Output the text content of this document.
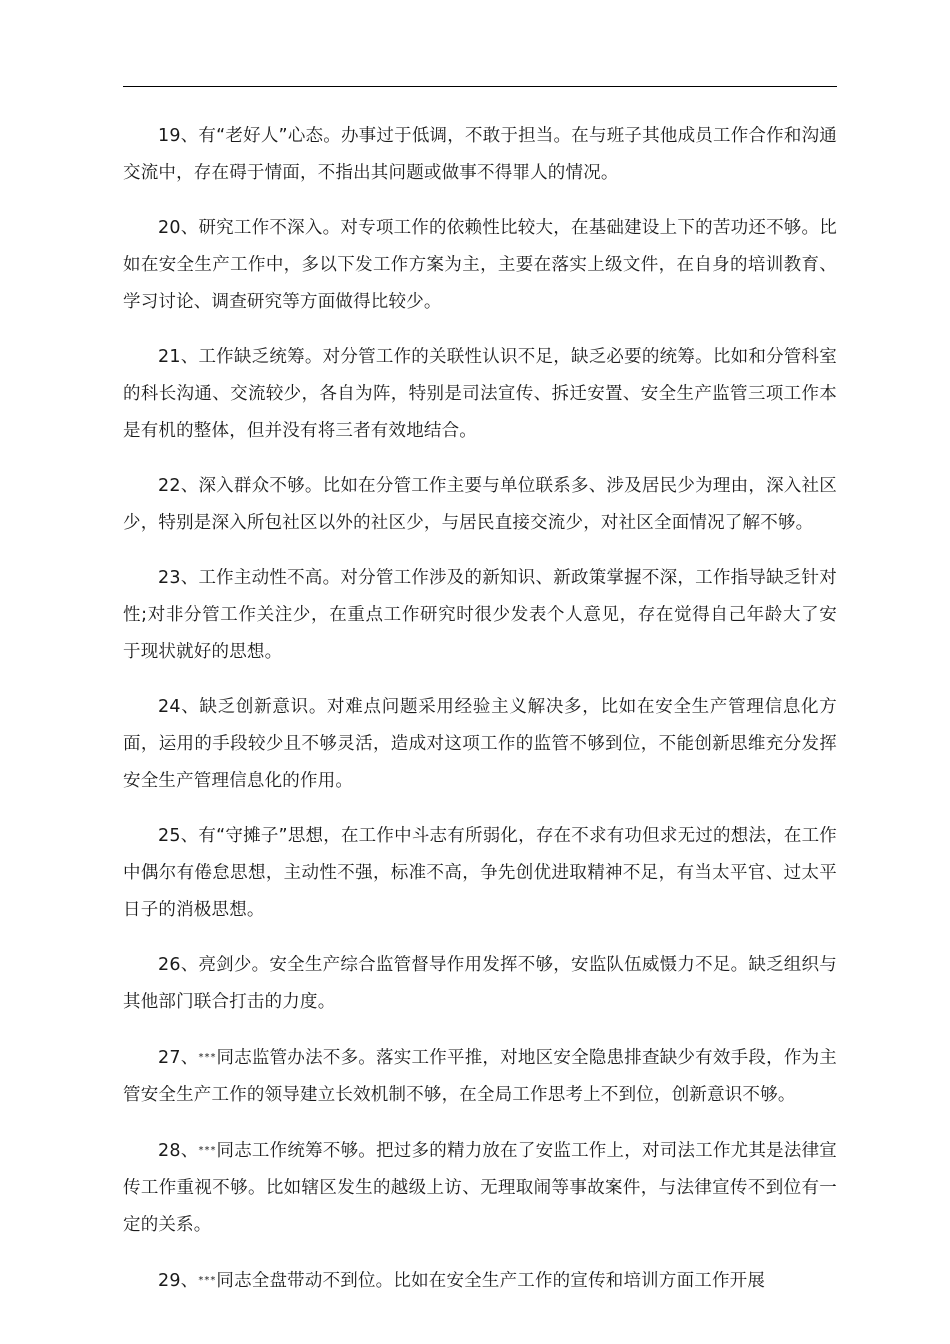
19、有“老好人”心态。办事过于低调，不敢于担当。在与班子其他成员工作合作和沟通交流中，存在碍于情面，不指出其问题或做事不得罪人的情况。

20、研究工作不深入。对专项工作的依赖性比较大，在基础建设上下的苦功还不够。比如在安全生产工作中，多以下发工作方案为主，主要在落实上级文件，在自身的培训教育、学习讨论、调查研究等方面做得比较少。

21、工作缺乏统筹。对分管工作的关联性认识不足，缺乏必要的统筹。比如和分管科室的科长沟通、交流较少，各自为阵，特别是司法宣传、拆迁安置、安全生产监管三项工作本是有机的整体，但并没有将三者有效地结合。

22、深入群众不够。比如在分管工作主要与单位联系多、涉及居民少为理由，深入社区少，特别是深入所包社区以外的社区少，与居民直接交流少，对社区全面情况了解不够。

23、工作主动性不高。对分管工作涉及的新知识、新政策掌握不深，工作指导缺乏针对性;对非分管工作关注少，在重点工作研究时很少发表个人意见，存在觉得自己年龄大了安于现状就好的思想。

24、缺乏创新意识。对难点问题采用经验主义解决多，比如在安全生产管理信息化方面，运用的手段较少且不够灵活，造成对这项工作的监管不够到位，不能创新思维充分发挥安全生产管理信息化的作用。

25、有“守摊子”思想，在工作中斗志有所弱化，存在不求有功但求无过的想法，在工作中偶尔有倦怠思想，主动性不强，标准不高，争先创优进取精神不足，有当太平官、过太平日子的消极思想。

26、亮剑少。安全生产综合监管督导作用发挥不够，安监队伍威慑力不足。缺乏组织与其他部门联合打击的力度。

27、***同志监管办法不多。落实工作平推，对地区安全隐患排查缺少有效手段，作为主管安全生产工作的领导建立长效机制不够，在全局工作思考上不到位，创新意识不够。

28、***同志工作统筹不够。把过多的精力放在了安监工作上，对司法工作尤其是法律宣传工作重视不够。比如辖区发生的越级上访、无理取闹等事故案件，与法律宣传不到位有一定的关系。

29、***同志全盘带动不到位。比如在安全生产工作的宣传和培训方面工作开展
